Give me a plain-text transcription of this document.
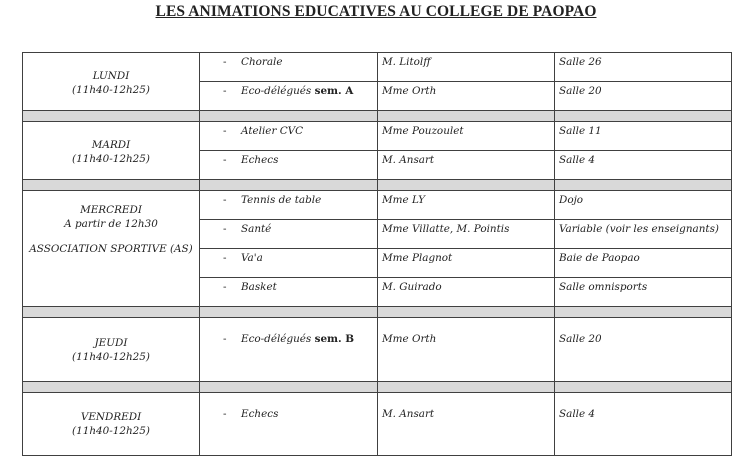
LES ANIMATIONS EDUCATIVES AU COLLEGE DE PAOPAO
LUNDI
(11h40-12h25)	- Chorale	M. Litolff	Salle 26
	- Eco-délégués sem. A	Mme Orth	Salle 20

MARDI
(11h40-12h25)	- Atelier CVC	Mme Pouzoulet	Salle 11
	- Echecs	M. Ansart	Salle 4

MERCREDI
A partir de 12h30
ASSOCIATION SPORTIVE (AS)	- Tennis de table	Mme LY	Dojo
	- Santé	Mme Villatte, M. Pointis	Variable (voir les enseignants)
	- Va'a	Mme Plagnot	Baie de Paopao
	- Basket	M. Guirado	Salle omnisports

JEUDI
(11h40-12h25)	- Eco-délégués sem. B	Mme Orth	Salle 20

VENDREDI
(11h40-12h25)	- Echecs	M. Ansart	Salle 4
